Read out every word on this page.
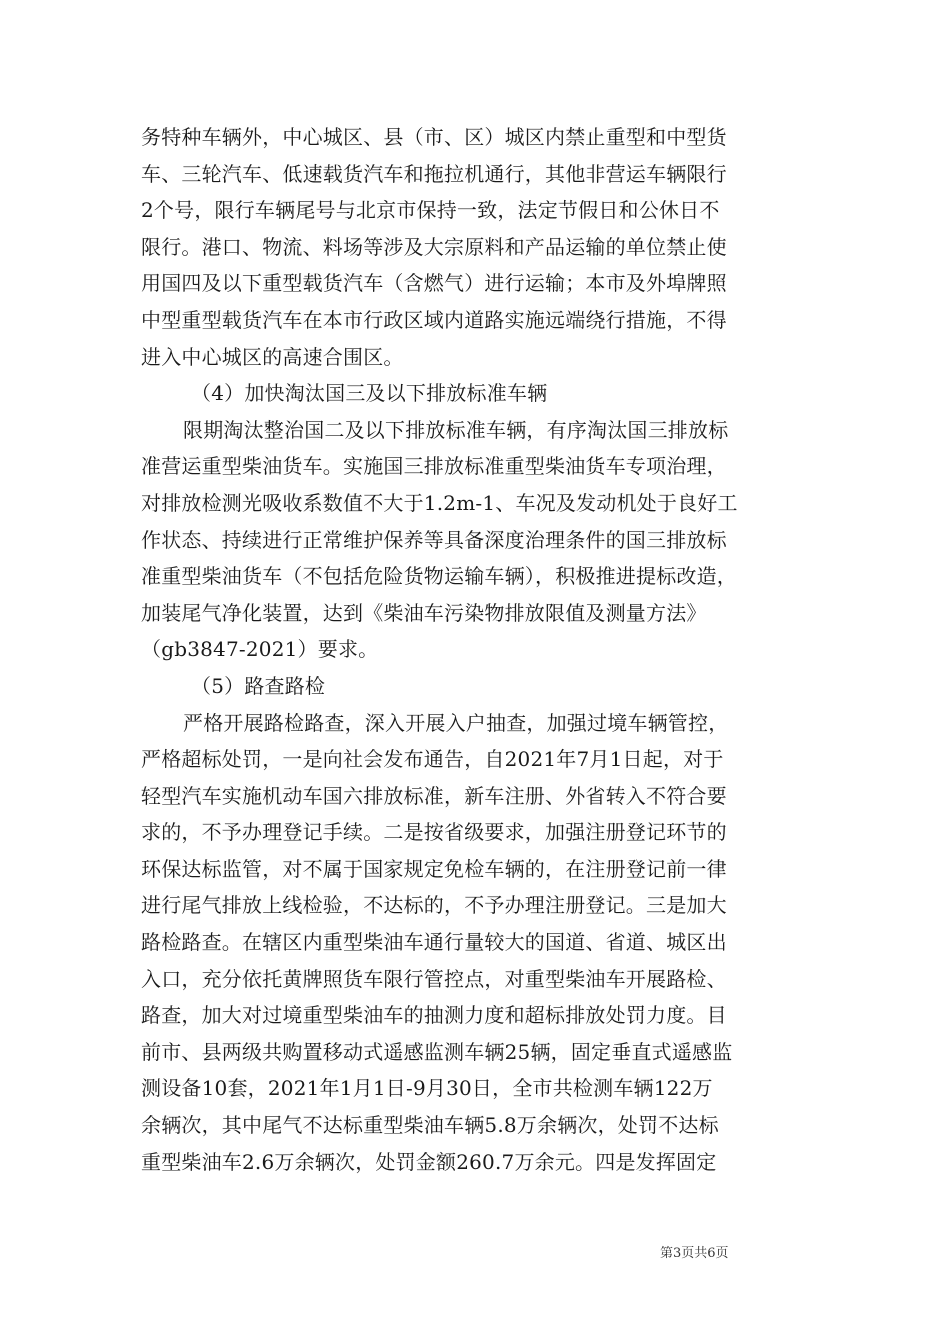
务特种车辆外，中心城区、县（市、区）城区内禁止重型和中型货
车、三轮汽车、低速载货汽车和拖拉机通行，其他非营运车辆限行
2个号，限行车辆尾号与北京市保持一致，法定节假日和公休日不
限行。港口、物流、料场等涉及大宗原料和产品运输的单位禁止使
用国四及以下重型载货汽车（含燃气）进行运输；本市及外埠牌照
中型重型载货汽车在本市行政区域内道路实施远端绕行措施，不得
进入中心城区的高速合围区。
（4）加快淘汰国三及以下排放标准车辆
限期淘汰整治国二及以下排放标准车辆，有序淘汰国三排放标
准营运重型柴油货车。实施国三排放标准重型柴油货车专项治理，
对排放检测光吸收系数值不大于1.2m-1、车况及发动机处于良好工
作状态、持续进行正常维护保养等具备深度治理条件的国三排放标
准重型柴油货车（不包括危险货物运输车辆），积极推进提标改造，
加装尾气净化装置，达到《柴油车污染物排放限值及测量方法》
（gb3847-2021）要求。
（5）路查路检
严格开展路检路查，深入开展入户抽查，加强过境车辆管控，
严格超标处罚，一是向社会发布通告，自2021年7月1日起，对于
轻型汽车实施机动车国六排放标准，新车注册、外省转入不符合要
求的，不予办理登记手续。二是按省级要求，加强注册登记环节的
环保达标监管，对不属于国家规定免检车辆的，在注册登记前一律
进行尾气排放上线检验，不达标的，不予办理注册登记。三是加大
路检路查。在辖区内重型柴油车通行量较大的国道、省道、城区出
入口，充分依托黄牌照货车限行管控点，对重型柴油车开展路检、
路查，加大对过境重型柴油车的抽测力度和超标排放处罚力度。目
前市、县两级共购置移动式遥感监测车辆25辆，固定垂直式遥感监
测设备10套，2021年1月1日-9月30日，全市共检测车辆122万
余辆次，其中尾气不达标重型柴油车辆5.8万余辆次，处罚不达标
重型柴油车2.6万余辆次，处罚金额260.7万余元。四是发挥固定
第3页共6页
